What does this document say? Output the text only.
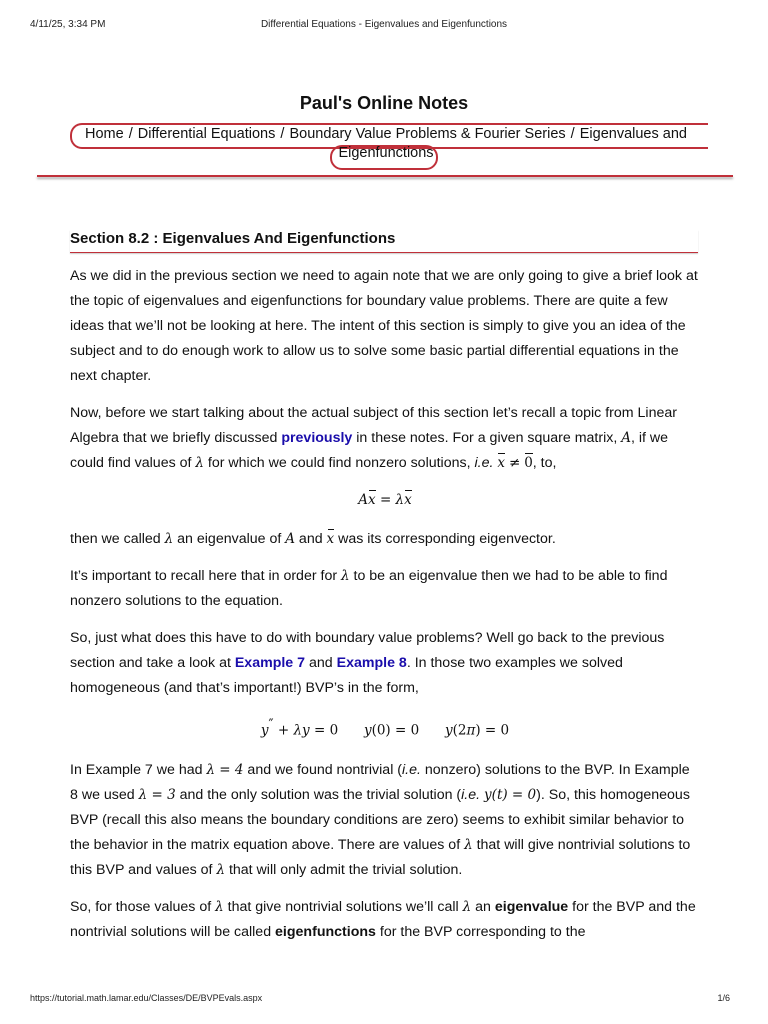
4/11/25, 3:34 PM	Differential Equations - Eigenvalues and Eigenfunctions
Paul's Online Notes
Home / Differential Equations / Boundary Value Problems & Fourier Series / Eigenvalues and Eigenfunctions
Section 8.2 : Eigenvalues And Eigenfunctions

As we did in the previous section we need to again note that we are only going to give a brief look at the topic of eigenvalues and eigenfunctions for boundary value problems. There are quite a few ideas that we’ll not be looking at here. The intent of this section is simply to give you an idea of the subject and to do enough work to allow us to solve some basic partial differential equations in the next chapter.

Now, before we start talking about the actual subject of this section let’s recall a topic from Linear Algebra that we briefly discussed previously in these notes. For a given square matrix, A, if we could find values of λ for which we could find nonzero solutions, i.e. x ≠ 0, to,

Ax = λx

then we called λ an eigenvalue of A and x was its corresponding eigenvector.

It’s important to recall here that in order for λ to be an eigenvalue then we had to be able to find nonzero solutions to the equation.

So, just what does this have to do with boundary value problems? Well go back to the previous section and take a look at Example 7 and Example 8. In those two examples we solved homogeneous (and that’s important!) BVP’s in the form,

y″ + λy = 0 y(0) = 0 y(2π) = 0

In Example 7 we had λ = 4 and we found nontrivial (i.e. nonzero) solutions to the BVP. In Example 8 we used λ = 3 and the only solution was the trivial solution (i.e. y(t) = 0). So, this homogeneous BVP (recall this also means the boundary conditions are zero) seems to exhibit similar behavior to the behavior in the matrix equation above. There are values of λ that will give nontrivial solutions to this BVP and values of λ that will only admit the trivial solution.

So, for those values of λ that give nontrivial solutions we’ll call λ an eigenvalue for the BVP and the nontrivial solutions will be called eigenfunctions for the BVP corresponding to the

https://tutorial.math.lamar.edu/Classes/DE/BVPEvals.aspx	1/6
